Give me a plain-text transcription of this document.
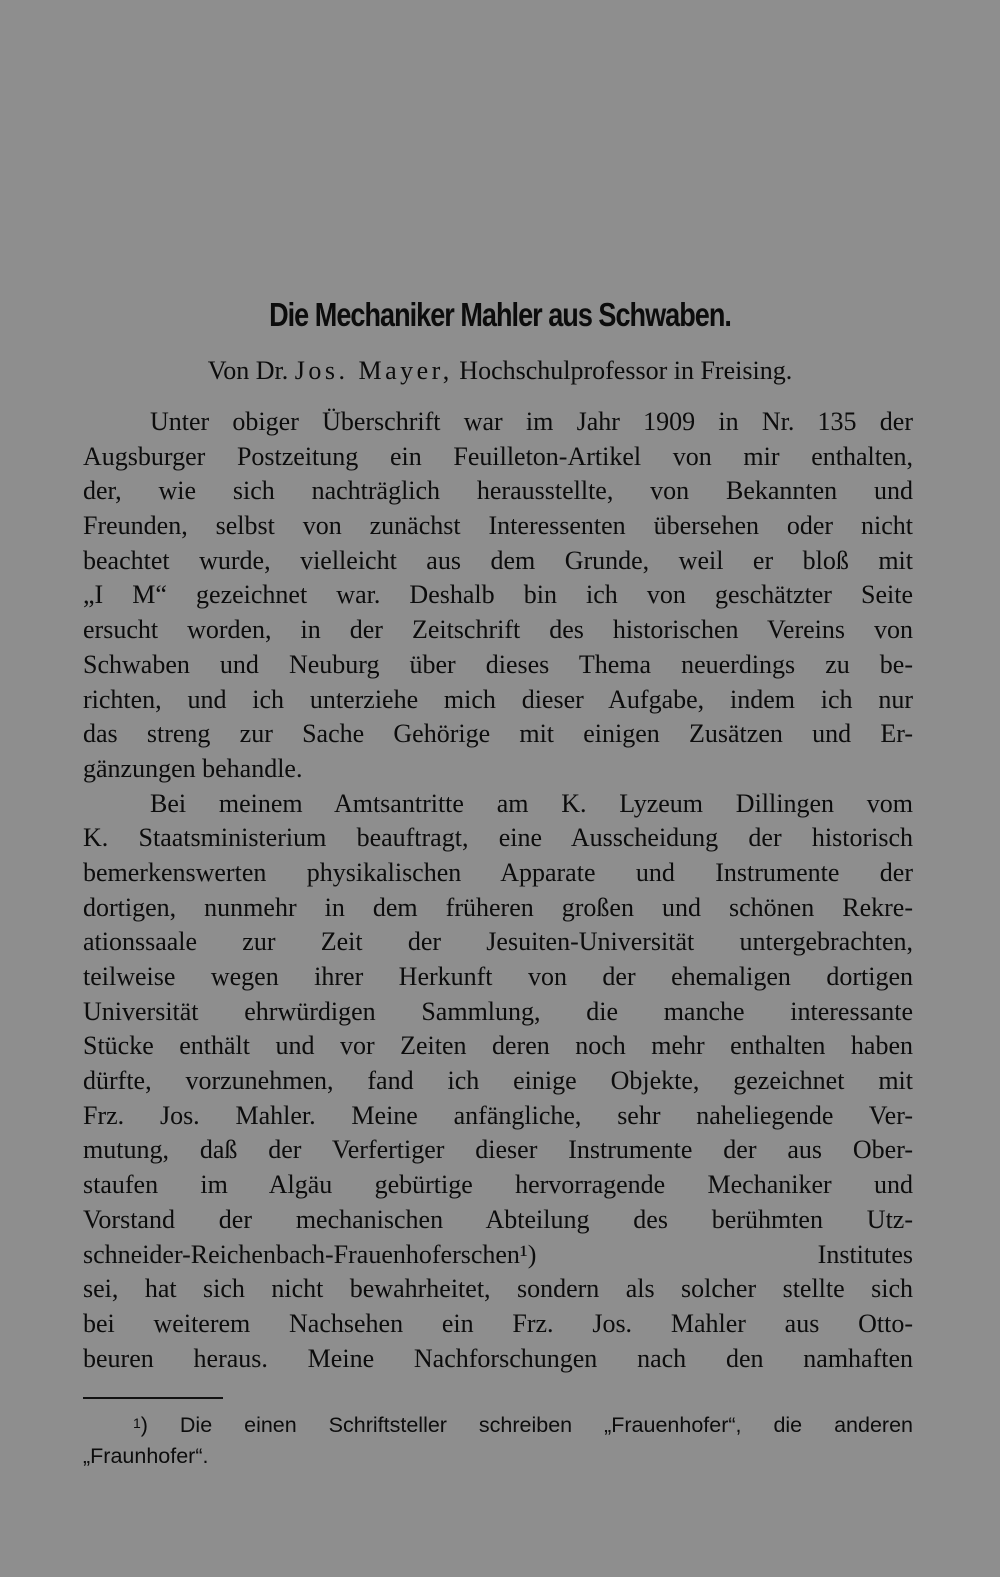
Die Mechaniker Mahler aus Schwaben.

Von Dr. Jos. Mayer, Hochschulprofessor in Freising.

Unter obiger Überschrift war im Jahr 1909 in Nr. 135 der
Augsburger Postzeitung ein Feuilleton-Artikel von mir enthalten,
der, wie sich nachträglich herausstellte, von Bekannten und
Freunden, selbst von zunächst Interessenten übersehen oder nicht
beachtet wurde, vielleicht aus dem Grunde, weil er bloß mit
„I M“ gezeichnet war. Deshalb bin ich von geschätzter Seite
ersucht worden, in der Zeitschrift des historischen Vereins von
Schwaben und Neuburg über dieses Thema neuerdings zu be-
richten, und ich unterziehe mich dieser Aufgabe, indem ich nur
das streng zur Sache Gehörige mit einigen Zusätzen und Er-
gänzungen behandle.
Bei meinem Amtsantritte am K. Lyzeum Dillingen vom
K. Staatsministerium beauftragt, eine Ausscheidung der historisch
bemerkenswerten physikalischen Apparate und Instrumente der
dortigen, nunmehr in dem früheren großen und schönen Rekre-
ationssaale zur Zeit der Jesuiten-Universität untergebrachten,
teilweise wegen ihrer Herkunft von der ehemaligen dortigen
Universität ehrwürdigen Sammlung, die manche interessante
Stücke enthält und vor Zeiten deren noch mehr enthalten haben
dürfte, vorzunehmen, fand ich einige Objekte, gezeichnet mit
Frz. Jos. Mahler. Meine anfängliche, sehr naheliegende Ver-
mutung, daß der Verfertiger dieser Instrumente der aus Ober-
staufen im Algäu gebürtige hervorragende Mechaniker und
Vorstand der mechanischen Abteilung des berühmten Utz-
schneider-Reichenbach-Frauenhoferschen¹) Institutes
sei, hat sich nicht bewahrheitet, sondern als solcher stellte sich
bei weiterem Nachsehen ein Frz. Jos. Mahler aus Otto-
beuren heraus. Meine Nachforschungen nach den namhaften
$^1$) Die einen Schriftsteller schreiben „Frauenhofer“, die anderen
„Fraunhofer“.
